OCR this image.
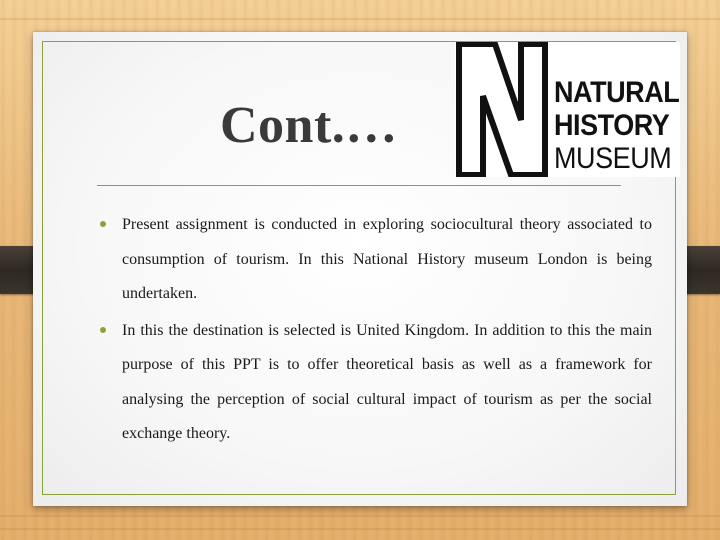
Cont.…
NATURAL
HISTORY
MUSEUM
Present assignment is conducted in exploring sociocultural theory associated to consumption of tourism. In this National History museum London is being undertaken.
In this the destination is selected is United Kingdom. In addition to this the main purpose of this PPT is to offer theoretical basis as well as a framework for analysing the perception of social cultural impact of tourism as per the social exchange theory.
